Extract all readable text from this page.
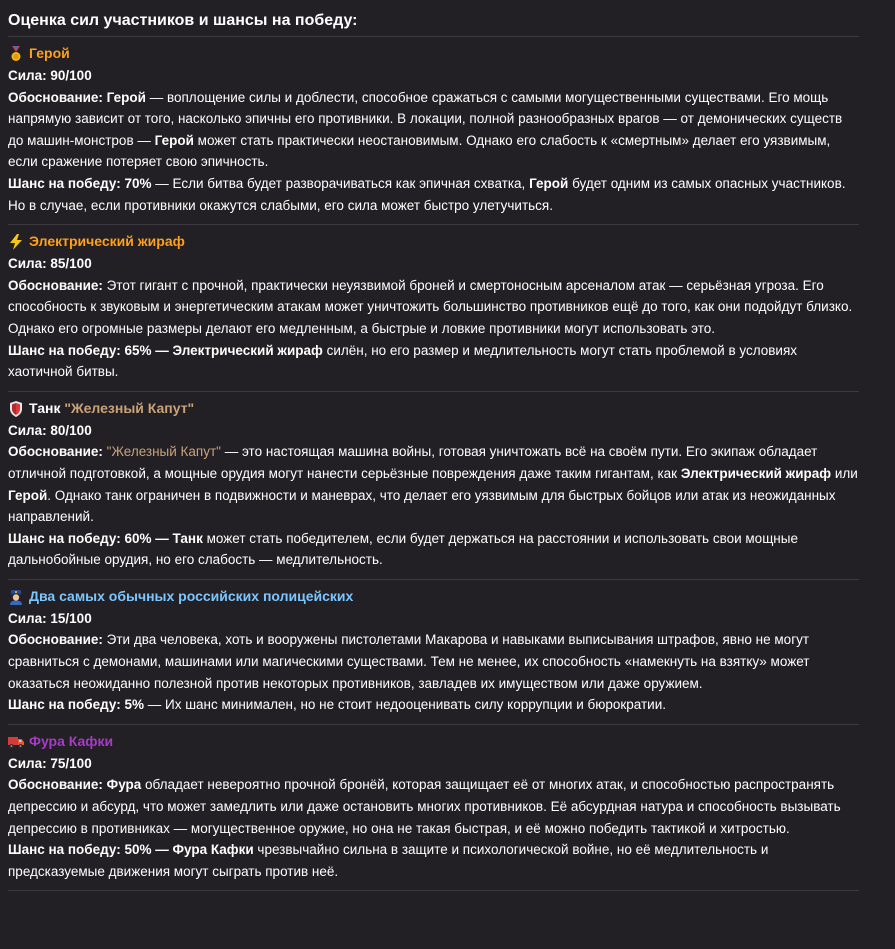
Оценка сил участников и шансы на победу:
Герой

Сила: 90/100

Обоснование: Герой — воплощение силы и доблести, способное сражаться с самыми могущественными существами. Его мощь напрямую зависит от того, насколько эпичны его противники. В локации, полной разнообразных врагов — от демонических существ до машин-монстров — Герой может стать практически неостановимым. Однако его слабость к «смертным» делает его уязвимым, если сражение потеряет свою эпичность.

Шанс на победу: 70% — Если битва будет разворачиваться как эпичная схватка, Герой будет одним из самых опасных участников. Но в случае, если противники окажутся слабыми, его сила может быстро улетучиться.

Электрический жираф

Сила: 85/100

Обоснование: Этот гигант с прочной, практически неуязвимой броней и смертоносным арсеналом атак — серьёзная угроза. Его способность к звуковым и энергетическим атакам может уничтожить большинство противников ещё до того, как они подойдут близко. Однако его огромные размеры делают его медленным, а быстрые и ловкие противники могут использовать это.

Шанс на победу: 65% — Электрический жираф силён, но его размер и медлительность могут стать проблемой в условиях хаотичной битвы.

Танк "Железный Капут"

Сила: 80/100

Обоснование: "Железный Капут" — это настоящая машина войны, готовая уничтожать всё на своём пути. Его экипаж обладает отличной подготовкой, а мощные орудия могут нанести серьёзные повреждения даже таким гигантам, как Электрический жираф или Герой. Однако танк ограничен в подвижности и маневрах, что делает его уязвимым для быстрых бойцов или атак из неожиданных направлений.

Шанс на победу: 60% — Танк может стать победителем, если будет держаться на расстоянии и использовать свои мощные дальнобойные орудия, но его слабость — медлительность.

Два самых обычных российских полицейских

Сила: 15/100

Обоснование: Эти два человека, хоть и вооружены пистолетами Макарова и навыками выписывания штрафов, явно не могут сравниться с демонами, машинами или магическими существами. Тем не менее, их способность «намекнуть на взятку» может оказаться неожиданно полезной против некоторых противников, завладев их имуществом или даже оружием.

Шанс на победу: 5% — Их шанс минимален, но не стоит недооценивать силу коррупции и бюрократии.

Фура Кафки

Сила: 75/100

Обоснование: Фура обладает невероятно прочной бронёй, которая защищает её от многих атак, и способностью распространять депрессию и абсурд, что может замедлить или даже остановить многих противников. Её абсурдная натура и способность вызывать депрессию в противниках — могущественное оружие, но она не такая быстрая, и её можно победить тактикой и хитростью.

Шанс на победу: 50% — Фура Кафки чрезвычайно сильна в защите и психологической войне, но её медлительность и предсказуемые движения могут сыграть против неё.
